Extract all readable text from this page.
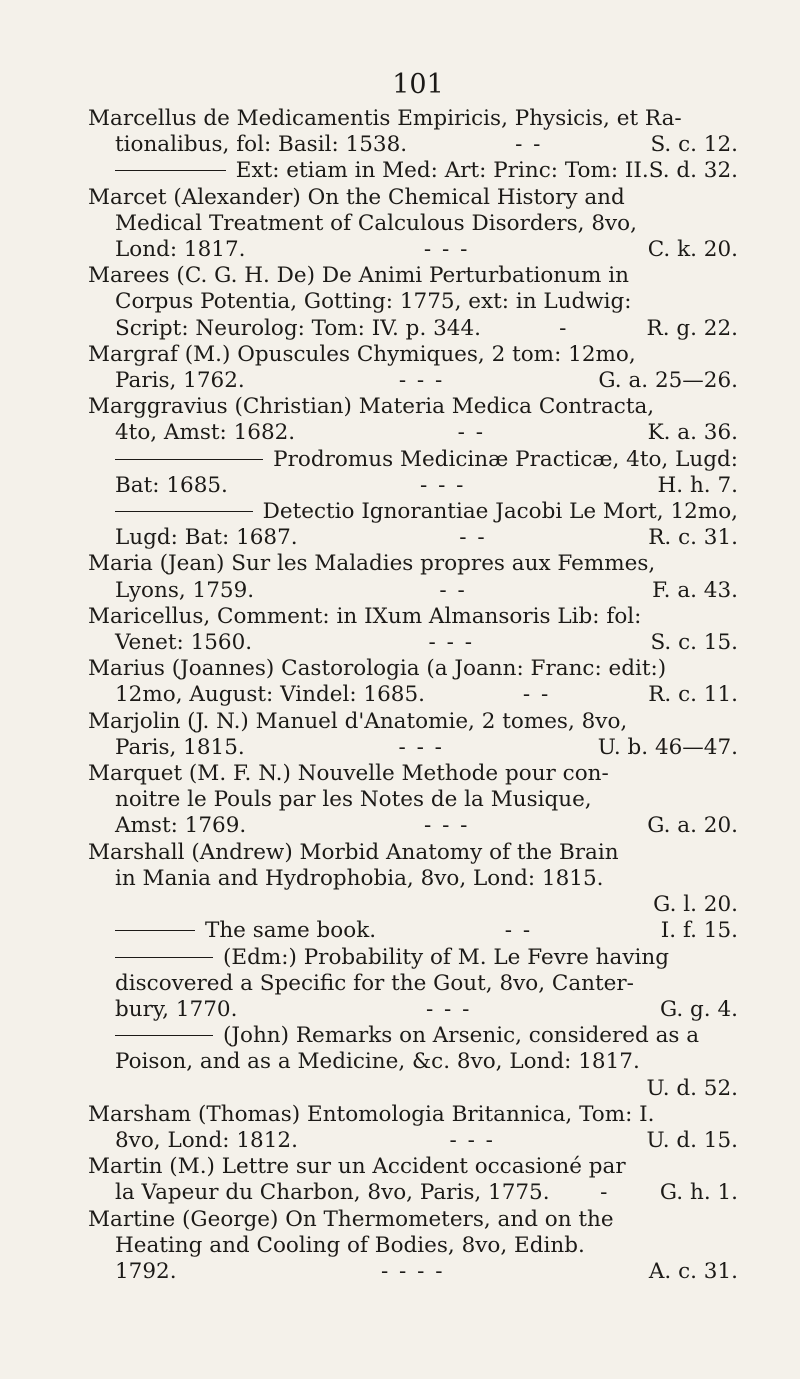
101
Marcellus de Medicamentis Empiricis, Physicis, et Ra-
tionalibus, fol: Basil: 1538.	- -	S. c. 12.
Ext: etiam in Med: Art: Princ: Tom: II. S. d. 32.
Marcet (Alexander) On the Chemical History and
Medical Treatment of Calculous Disorders, 8vo,
Lond: 1817.	- - -	C. k. 20.
Marees (C. G. H. De) De Animi Perturbationum in
Corpus Potentia, Gotting: 1775, ext: in Ludwig:
Script: Neurolog: Tom: IV. p. 344.	-	R. g. 22.
Margraf (M.) Opuscules Chymiques, 2 tom: 12mo,
Paris, 1762.	- - -	G. a. 25—26.
Marggravius (Christian) Materia Medica Contracta,
4to, Amst: 1682.	- -	K. a. 36.
Prodromus Medicinæ Practicæ, 4to, Lugd:
Bat: 1685.	- - -	H. h. 7.
Detectio Ignorantiae Jacobi Le Mort, 12mo,
Lugd: Bat: 1687.	- -	R. c. 31.
Maria (Jean) Sur les Maladies propres aux Femmes,
Lyons, 1759.	- -	F. a. 43.
Maricellus, Comment: in IXum Almansoris Lib: fol:
Venet: 1560.	- - -	S. c. 15.
Marius (Joannes) Castorologia (a Joann: Franc: edit:)
12mo, August: Vindel: 1685.	- -	R. c. 11.
Marjolin (J. N.) Manuel d'Anatomie, 2 tomes, 8vo,
Paris, 1815.	- - -	U. b. 46—47.
Marquet (M. F. N.) Nouvelle Methode pour con-
noitre le Pouls par les Notes de la Musique,
Amst: 1769.	- - -	G. a. 20.
Marshall (Andrew) Morbid Anatomy of the Brain
in Mania and Hydrophobia, 8vo, Lond: 1815.
G. l. 20.
The same book.	- -	I. f. 15.
(Edm:) Probability of M. Le Fevre having
discovered a Specific for the Gout, 8vo, Canter-
bury, 1770.	- - -	G. g. 4.
(John) Remarks on Arsenic, considered as a
Poison, and as a Medicine, &c. 8vo, Lond: 1817.
U. d. 52.
Marsham (Thomas) Entomologia Britannica, Tom: I.
8vo, Lond: 1812.	- - -	U. d. 15.
Martin (M.) Lettre sur un Accident occasioné par
la Vapeur du Charbon, 8vo, Paris, 1775.	-	G. h. 1.
Martine (George) On Thermometers, and on the
Heating and Cooling of Bodies, 8vo, Edinb.
1792.	- - - -	A. c. 31.
